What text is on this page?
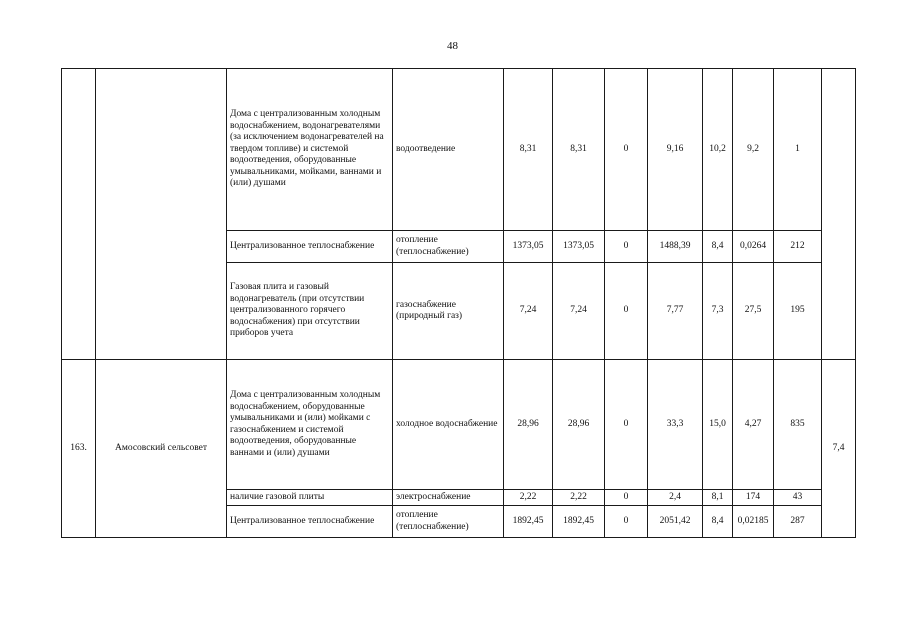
48
		Дома с централизованным холодным водоснабжением, водонагревателями (за исключением водонагревателей на твердом топливе) и системой водоотведения, оборудованные умывальниками, мойками, ваннами и (или) душами	водоотведение	8,31	8,31	0	9,16	10,2	9,2	1	
		Централизованное теплоснабжение	отопление (теплоснабжение)	1373,05	1373,05	0	1488,39	8,4	0,0264	212	
		Газовая плита и газовый водонагреватель (при отсутствии централизованного горячего водоснабжения) при отсутствии приборов учета	газоснабжение (природный газ)	7,24	7,24	0	7,77	7,3	27,5	195	
163.	Амосовский сельсовет	Дома с централизованным холодным водоснабжением, оборудованные умывальниками и (или) мойками с газоснабжением и системой водоотведения, оборудованные ваннами и (или) душами	холодное водоснабжение	28,96	28,96	0	33,3	15,0	4,27	835	7,4
		наличие газовой плиты	электроснабжение	2,22	2,22	0	2,4	8,1	174	43	
		Централизованное теплоснабжение	отопление (теплоснабжение)	1892,45	1892,45	0	2051,42	8,4	0,02185	287	
